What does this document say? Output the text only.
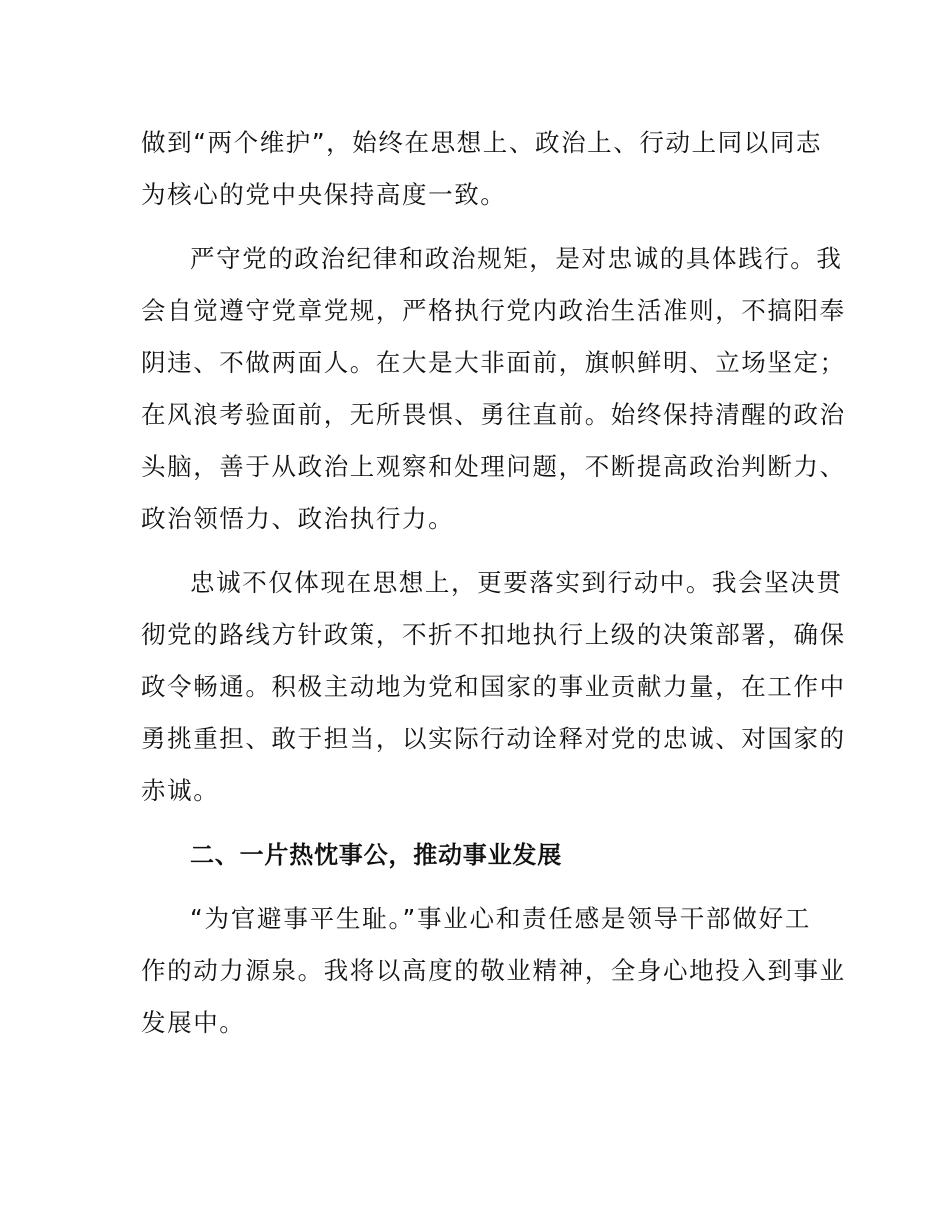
做到“两个维护”，始终在思想上、政治上、行动上同以同志
为核心的党中央保持高度一致。
严守党的政治纪律和政治规矩，是对忠诚的具体践行。我
会自觉遵守党章党规，严格执行党内政治生活准则，不搞阳奉
阴违、不做两面人。在大是大非面前，旗帜鲜明、立场坚定；
在风浪考验面前，无所畏惧、勇往直前。始终保持清醒的政治
头脑，善于从政治上观察和处理问题，不断提高政治判断力、
政治领悟力、政治执行力。
忠诚不仅体现在思想上，更要落实到行动中。我会坚决贯
彻党的路线方针政策，不折不扣地执行上级的决策部署，确保
政令畅通。积极主动地为党和国家的事业贡献力量，在工作中
勇挑重担、敢于担当，以实际行动诠释对党的忠诚、对国家的
赤诚。
二、一片热忱事公，推动事业发展
“为官避事平生耻。”事业心和责任感是领导干部做好工
作的动力源泉。我将以高度的敬业精神，全身心地投入到事业
发展中。
